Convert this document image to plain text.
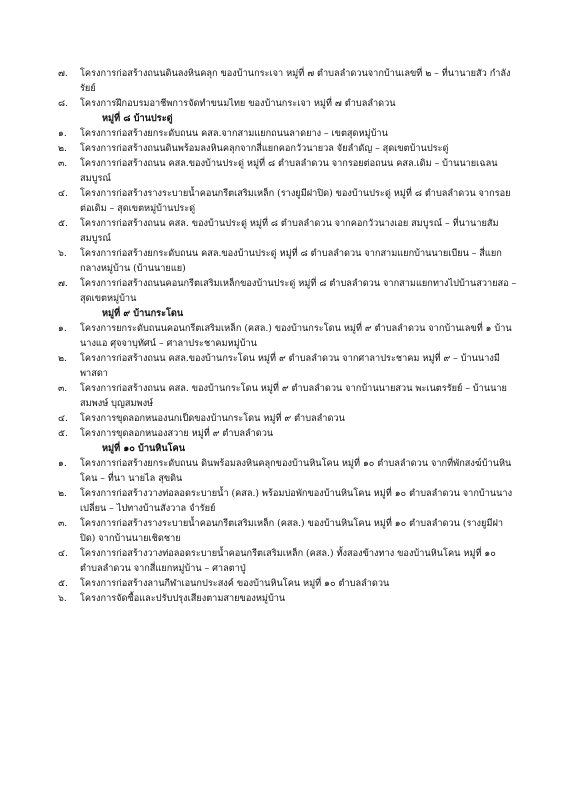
๗.	โครงการก่อสร้างถนนดินลงหินคลุก ของบ้านกระเจา หมู่ที่ ๗ ตำบลลำดวนจากบ้านเลขที่ ๒ – ที่นานายสัว กำลังรัยย์
๘.	โครงการฝึกอบรมอาชีพการจัดทำขนมไทย ของบ้านกระเจา หมู่ที่ ๗ ตำบลลำดวน
หมู่ที่ ๘ บ้านประดู่
๑.	โครงการก่อสร้างยกระดับถนน คสล.จากสามแยกถนนลาดยาง – เขตสุดหมู่บ้าน
๒.	โครงการก่อสร้างถนนดินพร้อมลงหินคลุกจากสี่แยกคอกวัวนายวล จัยลำดัญ – สุดเขตบ้านประดู่
๓.	โครงการก่อสร้างถนน คสล.ของบ้านประดู่ หมู่ที่ ๘ ตำบลลำดวน จากรอยต่อถนน คสล.เดิม – บ้านนายเฉลน สมบูรณ์
๔.	โครงการก่อสร้างรางระบายน้ำคอนกรีตเสริมเหล็ก (รางยูมีฝาปิด) ของบ้านประดู่ หมู่ที่ ๘ ตำบลลำดวน จากรอยต่อเดิม – สุดเขตหมู่บ้านประดู่
๕.	โครงการก่อสร้างถนน คสล. ของบ้านประดู่ หมู่ที่ ๘ ตำบลลำดวน จากคอกวัวนางเอย สมบูรณ์ – ที่นานายสัม สมบูรณ์
๖.	โครงการก่อสร้างยกระดับถนน คสล.ของบ้านประดู่ หมู่ที่ ๘ ตำบลลำดวน จากสามแยกบ้านนายเบียน – สี่แยกกลางหมู่บ้าน (บ้านนายแย)
๗.	โครงการก่อสร้างถนนคอนกรีตเสริมเหล็กของบ้านประดู่ หมู่ที่ ๘ ตำบลลำดวน จากสามแยกทางไปบ้านสวายสอ – สุดเขตหมู่บ้าน
หมู่ที่ ๙ บ้านกระโดน
๑.	โครงการยกระดับถนนคอนกรีตเสริมเหล็ก (คสล.) ของบ้านกระโดน หมู่ที่ ๙ ตำบลลำดวน จากบ้านเลขที่ ๑ บ้านนางแอ ศุจจาบุทัศน์ – ศาลาประชาคมหมู่บ้าน
๒.	โครงการก่อสร้างถนน คสล.ของบ้านกระโดน หมู่ที่ ๙ ตำบลลำดวน จากศาลาประชาคม หมู่ที่ ๙ – บ้านนางมี พาสดา
๓.	โครงการก่อสร้างถนน คสล. ของบ้านกระโดน หมู่ที่ ๙ ตำบลลำดวน จากบ้านนายสวน พะเนตรรัยย์ – บ้านนายสมพงษ์ บุญสมพงษ์
๔.	โครงการขุดลอกหนองนกเป็ดของบ้านกระโดน หมู่ที่ ๙ ตำบลลำดวน
๕.	โครงการขุดลอกหนองสวาย หมู่ที่ ๙ ตำบลลำดวน
หมู่ที่ ๑๐ บ้านหินโคน
๑.	โครงการก่อสร้างยกระดับถนน ดินพร้อมลงหินคลุกของบ้านหินโคน หมู่ที่ ๑๐ ตำบลลำดวน จากที่พักสงฆ์บ้านหินโคน – ที่นา นายไล สุขดิน
๒.	โครงการก่อสร้างวางท่อลอดระบายน้ำ (คสล.) พร้อมบ่อพักของบ้านหินโคน หมู่ที่ ๑๐ ตำบลลำดวน จากบ้านนางเปลี่ยน – ไปทางบ้านสังวาล จำรัยย์
๓.	โครงการก่อสร้างรางระบายน้ำคอนกรีตเสริมเหล็ก (คสล.) ของบ้านหินโคน หมู่ที่ ๑๐ ตำบลลำดวน (รางยูมีฝาปิด) จากบ้านนายเชิดชาย
๔.	โครงการก่อสร้างวางท่อลอดระบายน้ำคอนกรีตเสริมเหล็ก (คสล.) ทั้งสองข้างทาง ของบ้านหินโคน หมู่ที่ ๑๐ ตำบลลำดวน จากสี่แยกหมู่บ้าน – ศาลตาปู่
๕.	โครงการก่อสร้างลานกีฬาเอนกประสงค์ ของบ้านหินโคน หมู่ที่ ๑๐ ตำบลลำดวน
๖.	โครงการจัดซื้อและปรับปรุงเสียงตามสายของหมู่บ้าน
